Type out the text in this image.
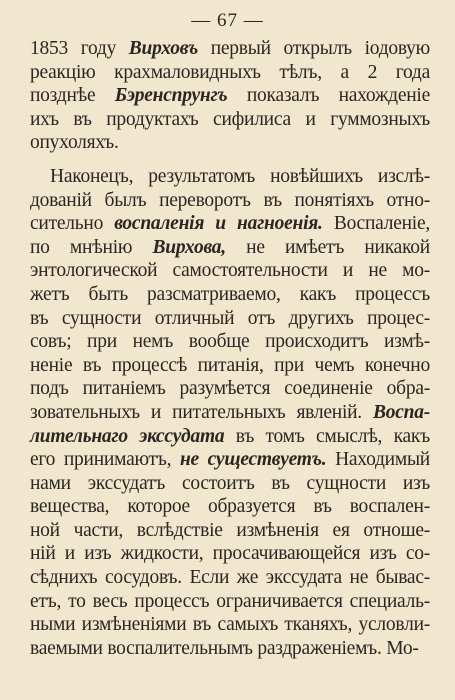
— 67 —
1853 году Вирховъ первый открылъ іодовую
реакцію крахмаловидныхъ тѣлъ, а 2 года
позднѣе Бэренспрунгъ показалъ нахожденіе
ихъ въ продуктахъ сифилиса и гуммозныхъ
опухоляхъ.
Наконецъ, результатомъ новѣйшихъ изслѣ-
дованій былъ переворотъ въ понятіяхъ отно-
сительно воспаленія и нагноенія. Воспаленіе,
по мнѣнію Вирхова, не имѣетъ никакой
энтологической самостоятельности и не мо-
жетъ быть разсматриваемо, какъ процессъ
въ сущности отличный отъ другихъ процес-
совъ; при немъ вообще происходитъ измѣ-
неніе въ процессѣ питанія, при чемъ конечно
подъ питаніемъ разумѣется соединеніе обра-
зовательныхъ и питательныхъ явленій. Воспа-
лительнаго экссудата въ томъ смыслѣ, какъ
его принимаютъ, не существуетъ. Находимый
нами экссудатъ состоитъ въ сущности изъ
вещества, которое образуется въ воспален-
ной части, вслѣдствіе измѣненія ея отноше-
ній и изъ жидкости, просачивающейся изъ со-
сѣднихъ сосудовъ. Если же экссудата не бывас-
етъ, то весь процессъ ограничивается специаль-
ными измѣненіями въ самыхъ тканяхъ, условли-
ваемыми воспалительнымъ раздраженіемъ. Мо-
